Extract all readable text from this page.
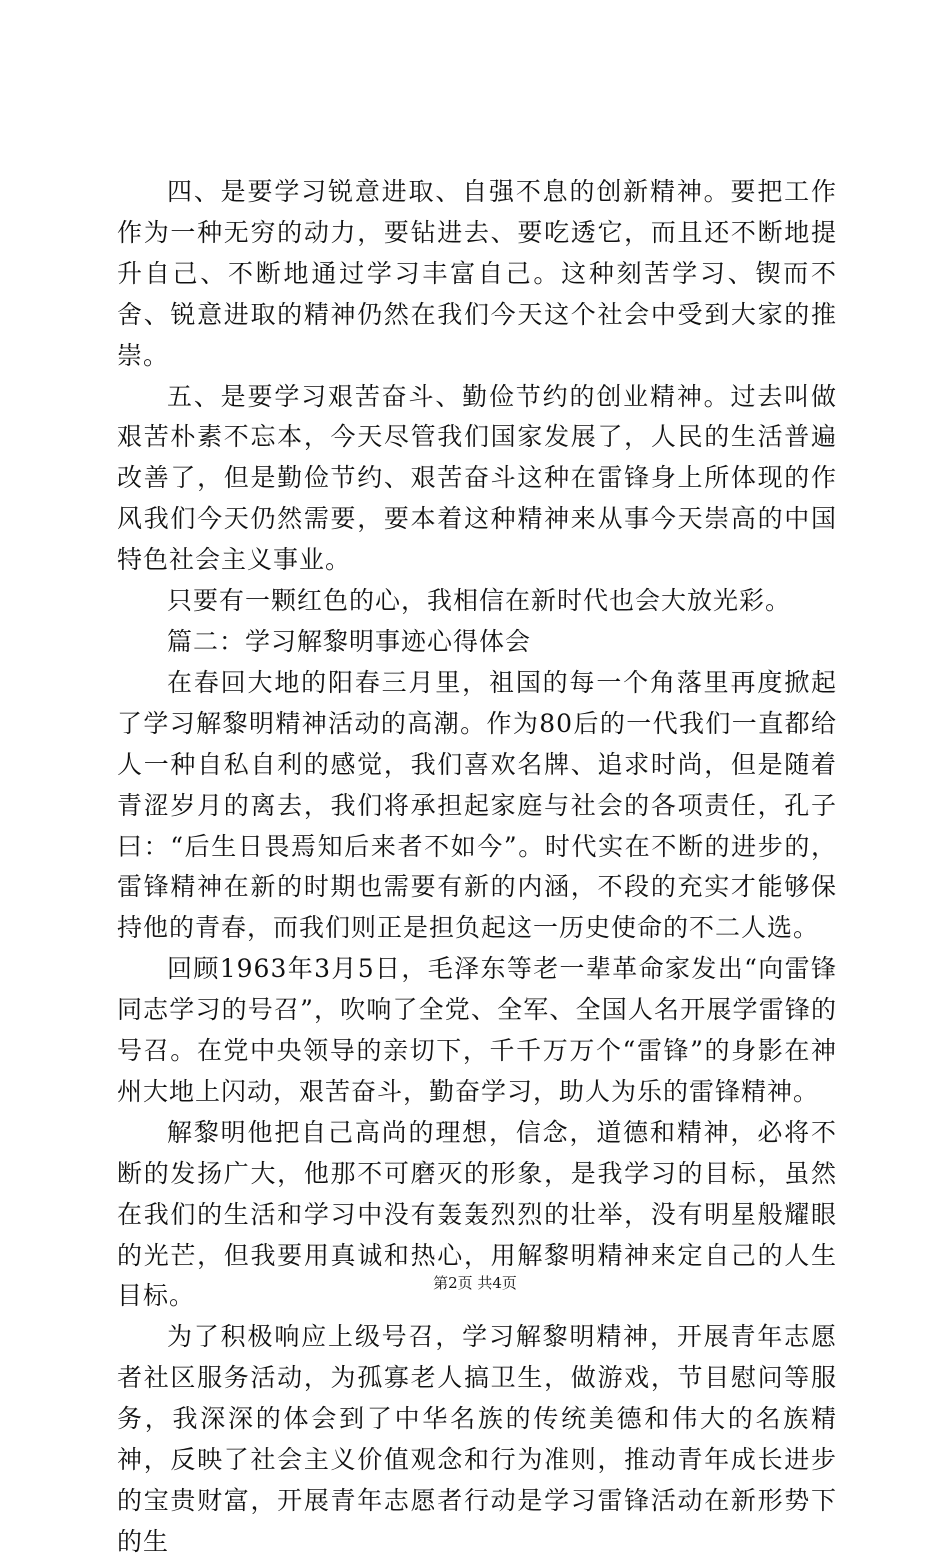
四、是要学习锐意进取、自强不息的创新精神。要把工作作为一种无穷的动力，要钻进去、要吃透它，而且还不断地提升自己、不断地通过学习丰富自己。这种刻苦学习、锲而不舍、锐意进取的精神仍然在我们今天这个社会中受到大家的推崇。

五、是要学习艰苦奋斗、勤俭节约的创业精神。过去叫做艰苦朴素不忘本，今天尽管我们国家发展了，人民的生活普遍改善了，但是勤俭节约、艰苦奋斗这种在雷锋身上所体现的作风我们今天仍然需要，要本着这种精神来从事今天崇高的中国特色社会主义事业。

只要有一颗红色的心，我相信在新时代也会大放光彩。

篇二：学习解黎明事迹心得体会

在春回大地的阳春三月里，祖国的每一个角落里再度掀起了学习解黎明精神活动的高潮。作为80后的一代我们一直都给人一种自私自利的感觉，我们喜欢名牌、追求时尚，但是随着青涩岁月的离去，我们将承担起家庭与社会的各项责任，孔子曰：“后生日畏焉知后来者不如今”。时代实在不断的进步的，雷锋精神在新的时期也需要有新的内涵，不段的充实才能够保持他的青春，而我们则正是担负起这一历史使命的不二人选。

回顾1963年3月5日，毛泽东等老一辈革命家发出“向雷锋同志学习的号召”，吹响了全党、全军、全国人名开展学雷锋的号召。在党中央领导的亲切下，千千万万个“雷锋”的身影在神州大地上闪动，艰苦奋斗，勤奋学习，助人为乐的雷锋精神。

解黎明他把自己高尚的理想，信念，道德和精神，必将不断的发扬广大，他那不可磨灭的形象，是我学习的目标，虽然在我们的生活和学习中没有轰轰烈烈的壮举，没有明星般耀眼的光芒，但我要用真诚和热心，用解黎明精神来定自己的人生目标。

为了积极响应上级号召，学习解黎明精神，开展青年志愿者社区服务活动，为孤寡老人搞卫生，做游戏，节目慰问等服务，我深深的体会到了中华名族的传统美德和伟大的名族精神，反映了社会主义价值观念和行为准则，推动青年成长进步的宝贵财富，开展青年志愿者行动是学习雷锋活动在新形势下的生

第2页 共4页
